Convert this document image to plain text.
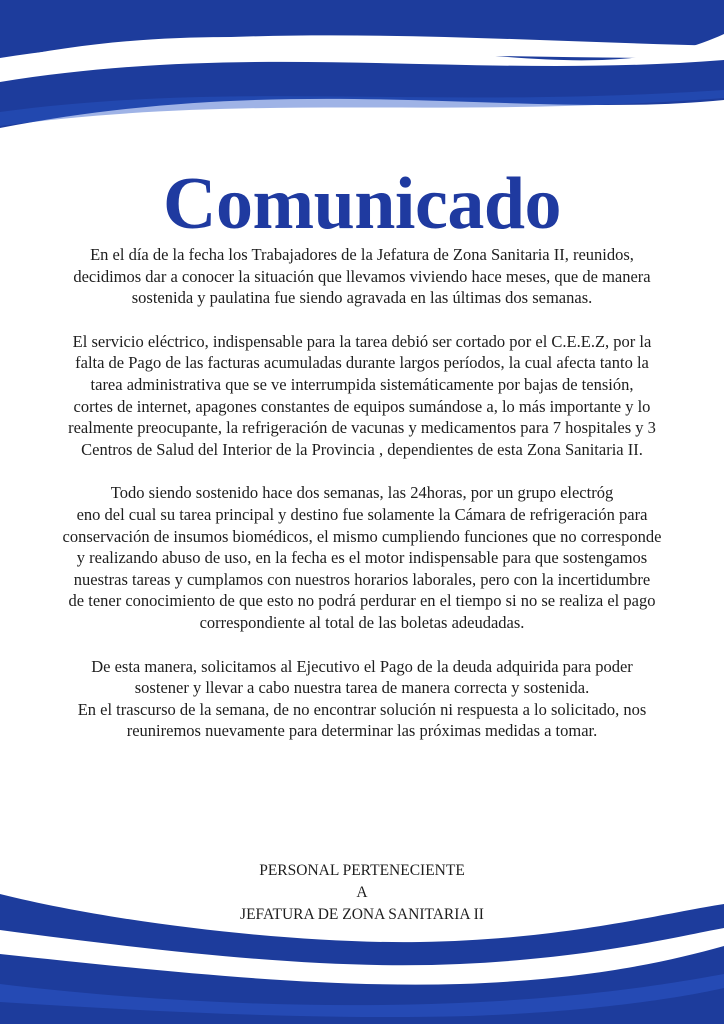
Comunicado

En el día de la fecha los Trabajadores de la Jefatura de Zona Sanitaria II, reunidos,
decidimos dar a conocer la situación que llevamos viviendo hace meses, que de manera
sostenida y paulatina fue siendo agravada en las últimas dos semanas.

El servicio eléctrico, indispensable para la tarea debió ser cortado por el C.E.E.Z, por la
falta de Pago de las facturas acumuladas durante largos períodos, la cual afecta tanto la
tarea administrativa que se ve interrumpida sistemáticamente por bajas de tensión,
cortes de internet, apagones constantes de equipos sumándose a, lo más importante y lo
realmente preocupante, la refrigeración de vacunas y medicamentos para 7 hospitales y 3
Centros de Salud del Interior de la Provincia , dependientes de esta Zona Sanitaria II.

Todo siendo sostenido hace dos semanas, las 24horas, por un grupo electróg
eno del cual su tarea principal y destino fue solamente la Cámara de refrigeración para
conservación de insumos biomédicos, el mismo cumpliendo funciones que no corresponde
y realizando abuso de uso, en la fecha es el motor indispensable para que sostengamos
nuestras tareas y cumplamos con nuestros horarios laborales, pero con la incertidumbre
de tener conocimiento de que esto no podrá perdurar en el tiempo si no se realiza el pago
correspondiente al total de las boletas adeudadas.

De esta manera, solicitamos al Ejecutivo el Pago de la deuda adquirida para poder
sostener y llevar a cabo nuestra tarea de manera correcta y sostenida.
En el trascurso de la semana, de no encontrar solución ni respuesta a lo solicitado, nos
reuniremos nuevamente para determinar las próximas medidas a tomar.

PERSONAL PERTENECIENTE
A
JEFATURA DE ZONA SANITARIA II
